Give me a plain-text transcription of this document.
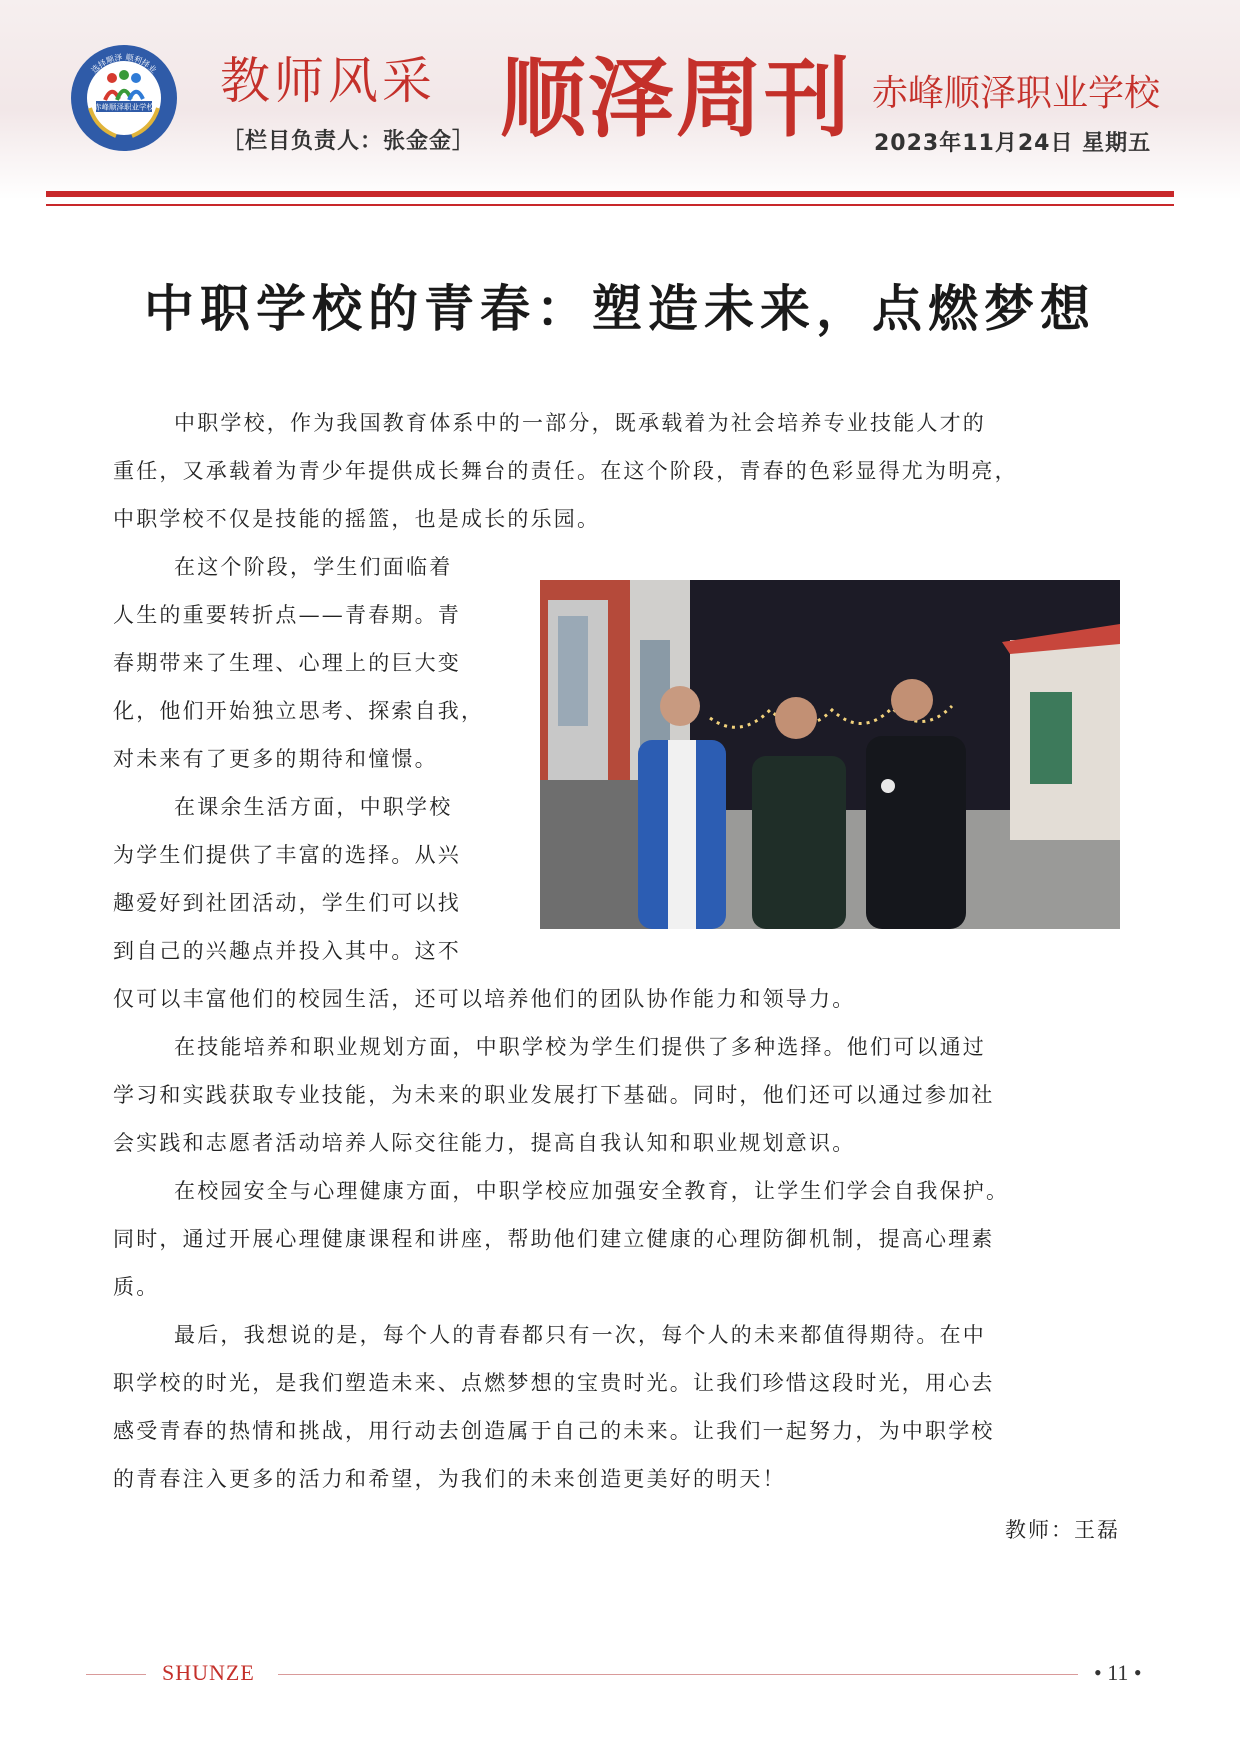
赤峰顺泽职业学校
选择顺泽 顺利择业 教师风采
［栏目负责人：张金金］ 顺泽周刊 赤峰顺泽职业学校
2023年11月24日 星期五
中职学校的青春：塑造未来，点燃梦想
中职学校，作为我国教育体系中的一部分，既承载着为社会培养专业技能人才的
重任，又承载着为青少年提供成长舞台的责任。在这个阶段，青春的色彩显得尤为明亮，
中职学校不仅是技能的摇篮，也是成长的乐园。
在这个阶段，学生们面临着
人生的重要转折点——青春期。青
春期带来了生理、心理上的巨大变
化，他们开始独立思考、探索自我，
对未来有了更多的期待和憧憬。
在课余生活方面，中职学校
为学生们提供了丰富的选择。从兴
趣爱好到社团活动，学生们可以找
到自己的兴趣点并投入其中。这不
仅可以丰富他们的校园生活，还可以培养他们的团队协作能力和领导力。
在技能培养和职业规划方面，中职学校为学生们提供了多种选择。他们可以通过
学习和实践获取专业技能，为未来的职业发展打下基础。同时，他们还可以通过参加社
会实践和志愿者活动培养人际交往能力，提高自我认知和职业规划意识。
在校园安全与心理健康方面，中职学校应加强安全教育，让学生们学会自我保护。
同时，通过开展心理健康课程和讲座，帮助他们建立健康的心理防御机制，提高心理素
质。
最后，我想说的是，每个人的青春都只有一次，每个人的未来都值得期待。在中
职学校的时光，是我们塑造未来、点燃梦想的宝贵时光。让我们珍惜这段时光，用心去
感受青春的热情和挑战，用行动去创造属于自己的未来。让我们一起努力，为中职学校
的青春注入更多的活力和希望，为我们的未来创造更美好的明天！
教师：王磊
SHUNZE	• 11 •
